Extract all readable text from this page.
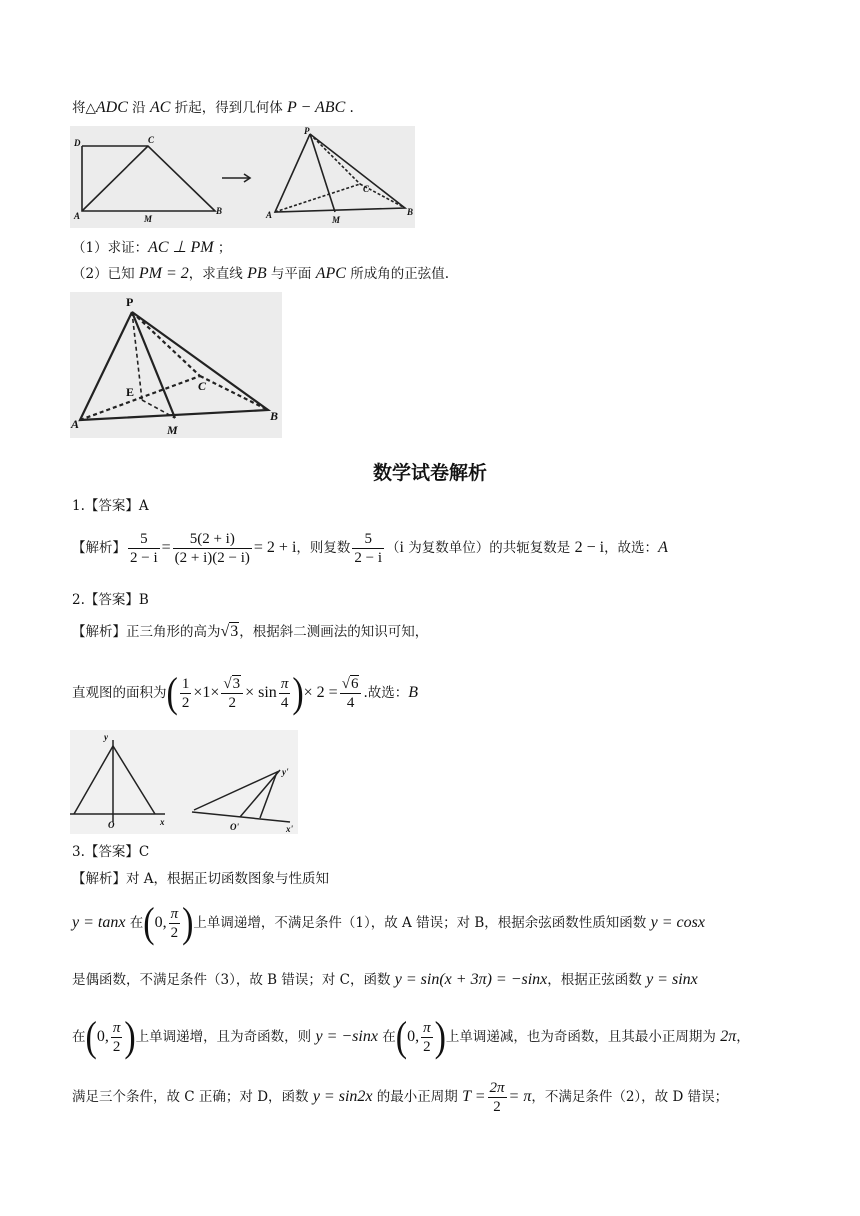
将△ADC 沿 AC 折起，得到几何体 P − ABC .
D	C
A	M
B
P
C
A	M
B
（1）求证：AC ⊥ PM ；
（2）已知 PM = 2，求直线 PB 与平面 APC 所成角的正弦值.
P
E	C
A	M
B
数学试卷解析
1.【答案】A
【解析】 $\frac{5}{2 - i} = \frac{5(2 + i)}{(2 + i)(2 - i)} = 2 + i$，则复数 $\frac{5}{2 - i} (i$ 为复数单位）的共轭复数是 2 − i，故选：A
2.【答案】B
【解析】正三角形的高为√3，根据斜二测画法的知识可知，
直观图的面积为( $\frac{1}{2} \times 1\times \frac{√3}{2} \times \sin \frac{\pi}{4}$ )× $2 = \frac{√6}{4}$ .故选：B
y
O	x
y'
O'	x'
3.【答案】C
【解析】对 A，根据正切函数图象与性质知
y = tanx 在(0, $\frac{\pi}{2}$ )上单调递增，不满足条件（1），故 A 错误；对 B，根据余弦函数性质知函数 y = cosx
是偶函数，不满足条件（3），故 B 错误；对 C，函数 y = sin(x + 3π) = −sinx，根据正弦函数 y = sinx
在(0, $\frac{\pi}{2}$ )上单调递增，且为奇函数，则 y = −sinx 在(0, $\frac{\pi}{2}$ )上单调递减，也为奇函数，且其最小正周期为 2π，
满足三个条件，故 C 正确；对 D，函数 y = sin2x 的最小正周期 $T = \frac{2\pi}{2} = \pi$，不满足条件（2），故 D 错误；
